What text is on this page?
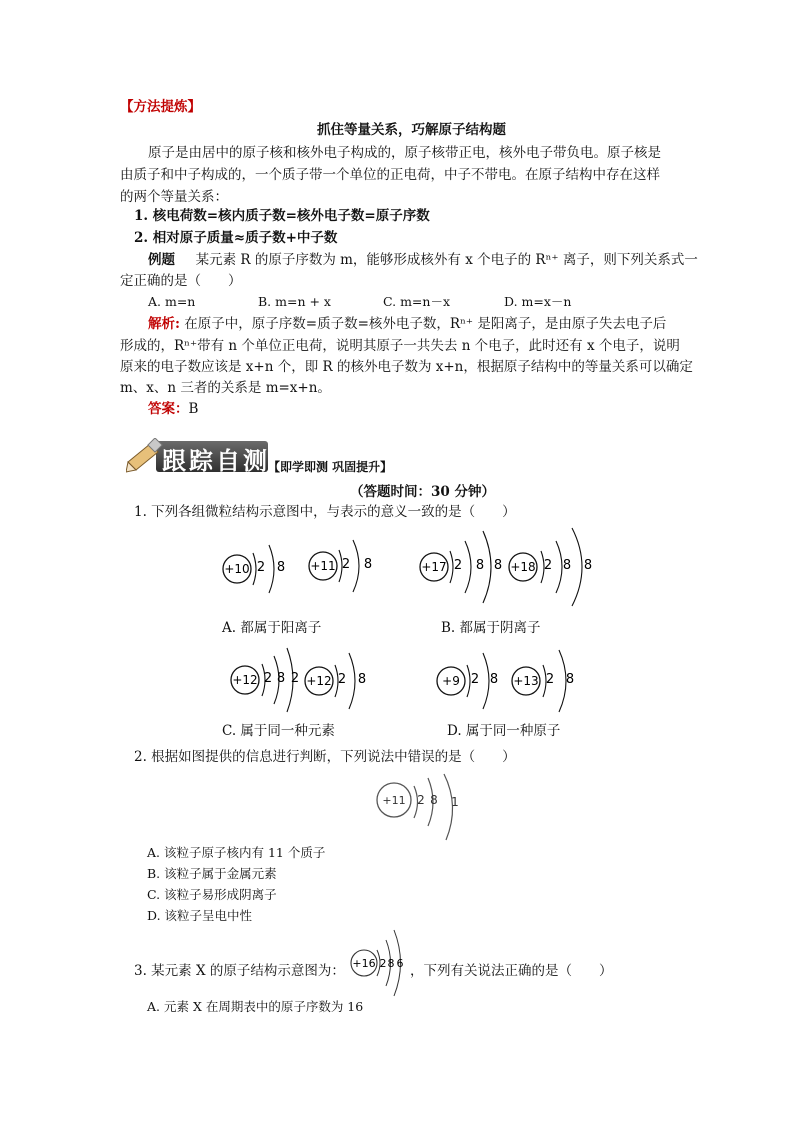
【方法提炼】
抓住等量关系，巧解原子结构题
原子是由居中的原子核和核外电子构成的，原子核带正电，核外电子带负电。原子核是
由质子和中子构成的，一个质子带一个单位的正电荷，中子不带电。在原子结构中存在这样
的两个等量关系：
1. 核电荷数=核内质子数=核外电子数=原子序数
2. 相对原子质量≈质子数+中子数
例题 某元素 R 的原子序数为 m，能够形成核外有 x 个电子的 Rⁿ⁺ 离子，则下列关系式一
定正确的是（　　）
A. m=n	B. m=n + x	C. m=n－x	D. m=x－n
解析: 在原子中，原子序数=质子数=核外电子数，Rⁿ⁺ 是阳离子，是由原子失去电子后
形成的，Rⁿ⁺带有 n 个单位正电荷，说明其原子一共失去 n 个电子，此时还有 x 个电子，说明
原来的电子数应该是 x+n 个，即 R 的核外电子数为 x+n，根据原子结构中的等量关系可以确定
m、x、n 三者的关系是 m=x+n。
答案：B
跟踪自测
【即学即测 巩固提升】
（答题时间：30 分钟）
1. 下列各组微粒结构示意图中，与表示的意义一致的是（　　）
+10 2 8 +11 2 8	+17 2 8 8 +18 2 8 8
+12 2 8 2 +12 2 8	+9 2 8 +13 2 8
+11 2 8 1
+16 2 8 6
A. 都属于阳离子	B. 都属于阴离子
C. 属于同一种元素	D. 属于同一种原子
2. 根据如图提供的信息进行判断，下列说法中错误的是（　　）
A. 该粒子原子核内有 11 个质子
B. 该粒子属于金属元素
C. 该粒子易形成阴离子
D. 该粒子呈电中性
3. 某元素 X 的原子结构示意图为：	，下列有关说法正确的是（　　）
A. 元素 X 在周期表中的原子序数为 16
